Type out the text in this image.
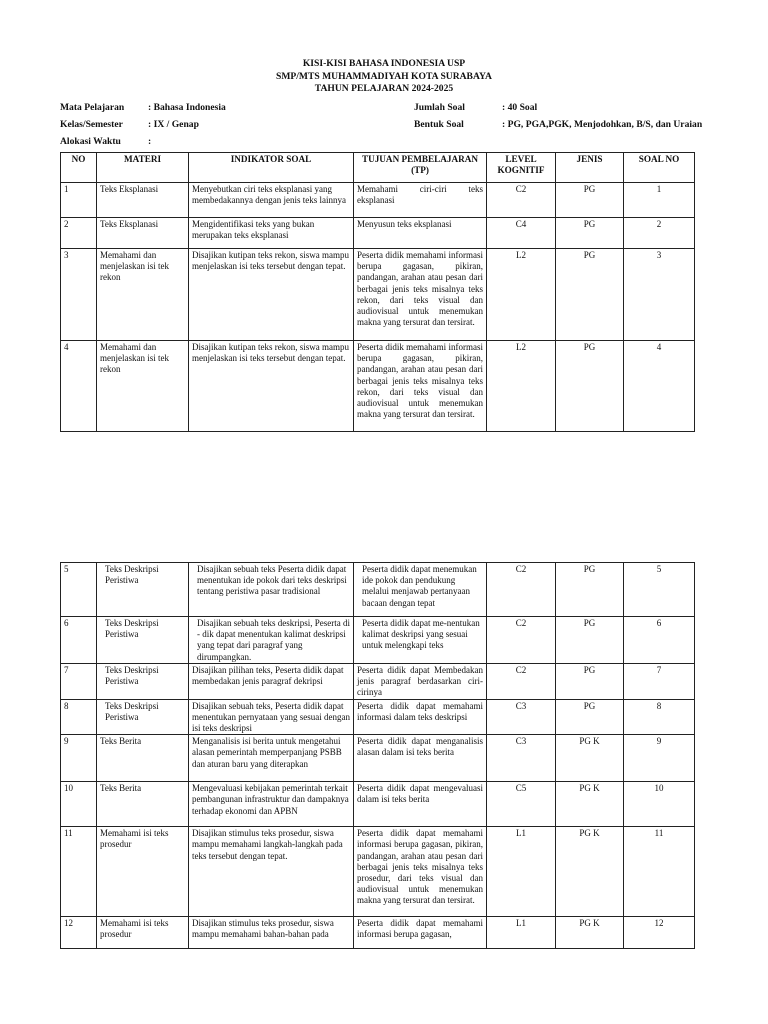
KISI-KISI BAHASA INDONESIA USP
SMP/MTS MUHAMMADIYAH KOTA SURABAYA
TAHUN PELAJARAN 2024-2025
Mata Pelajaran : Bahasa Indonesia	Jumlah Soal	: 40 Soal
Kelas/Semester	: IX / Genap	Bentuk Soal	: PG, PGA,PGK, Menjodohkan, B/S, dan Uraian
Alokasi Waktu	:
NO	MATERI	INDIKATOR SOAL	TUJUAN PEMBELAJARAN (TP)	LEVEL KOGNITIF	JENIS	SOAL NO
1	Teks Eksplanasi	Menyebutkan ciri teks eksplanasi yang membedakannya dengan jenis teks lainnya	Memahami ciri-ciri teks eksplanasi	C2	PG	1
2	Teks Eksplanasi	Mengidentifikasi teks yang bukan merupakan teks eksplanasi	Menyusun teks eksplanasi	C4	PG	2
3	Memahami dan menjelaskan isi tek rekon	Disajikan kutipan teks rekon, siswa mampu menjelaskan isi teks tersebut dengan tepat.	Peserta didik memahami informasi berupa gagasan, pikiran, pandangan, arahan atau pesan dari berbagai jenis teks misalnya teks rekon, dari teks visual dan audiovisual untuk menemukan makna yang tersurat dan tersirat.	L2	PG	3
4	Memahami dan menjelaskan isi tek rekon	Disajikan kutipan teks rekon, siswa mampu menjelaskan isi teks tersebut dengan tepat.	Peserta didik memahami informasi berupa gagasan, pikiran, pandangan, arahan atau pesan dari berbagai jenis teks misalnya teks rekon, dari teks visual dan audiovisual untuk menemukan makna yang tersurat dan tersirat.	L2	PG	4
5	Teks Deskripsi Peristiwa	Disajikan sebuah teks Peserta didik dapat menentukan ide pokok dari teks deskripsi tentang peristiwa pasar tradisional	Peserta didik dapat menemukan ide pokok dan pendukung melalui menjawab pertanyaan bacaan dengan tepat	C2	PG	5
6	Teks Deskripsi Peristiwa	Disajikan sebuah teks deskripsi, Peserta di - dik dapat menentukan kalimat deskripsi yang tepat dari paragraf yang dirumpangkan.	Peserta didik dapat me-nentukan kalimat deskripsi yang sesuai untuk melengkapi teks	C2	PG	6
7	Teks Deskripsi Peristiwa	Disajikan pilihan teks, Peserta didik dapat membedakan jenis paragraf dekripsi	Peserta didik dapat Membedakan jenis paragraf berdasarkan ciri-cirinya	C2	PG	7
8	Teks Deskripsi Peristiwa	Disajikan sebuah teks, Peserta didik dapat menentukan pernyataan yang sesuai dengan isi teks deskripsi	Peserta didik dapat memahami informasi dalam teks deskripsi	C3	PG	8
9	Teks Berita	Menganalisis isi berita untuk mengetahui alasan pemerintah memperpanjang PSBB dan aturan baru yang diterapkan	Peserta didik dapat menganalisis alasan dalam isi teks berita	C3	PG K	9
10	Teks Berita	Mengevaluasi kebijakan pemerintah terkait pembangunan infrastruktur dan dampaknya terhadap ekonomi dan APBN	Peserta didik dapat mengevaluasi dalam isi teks berita	C5	PG K	10
11	Memahami isi teks prosedur	Disajikan stimulus teks prosedur, siswa mampu memahami langkah-langkah pada teks tersebut dengan tepat.	Peserta didik dapat memahami informasi berupa gagasan, pikiran, pandangan, arahan atau pesan dari berbagai jenis teks misalnya teks prosedur, dari teks visual dan audiovisual untuk menemukan makna yang tersurat dan tersirat.	L1	PG K	11
12	Memahami isi teks prosedur	Disajikan stimulus teks prosedur, siswa mampu memahami bahan-bahan pada	Peserta didik dapat memahami informasi berupa gagasan,	L1	PG K	12
